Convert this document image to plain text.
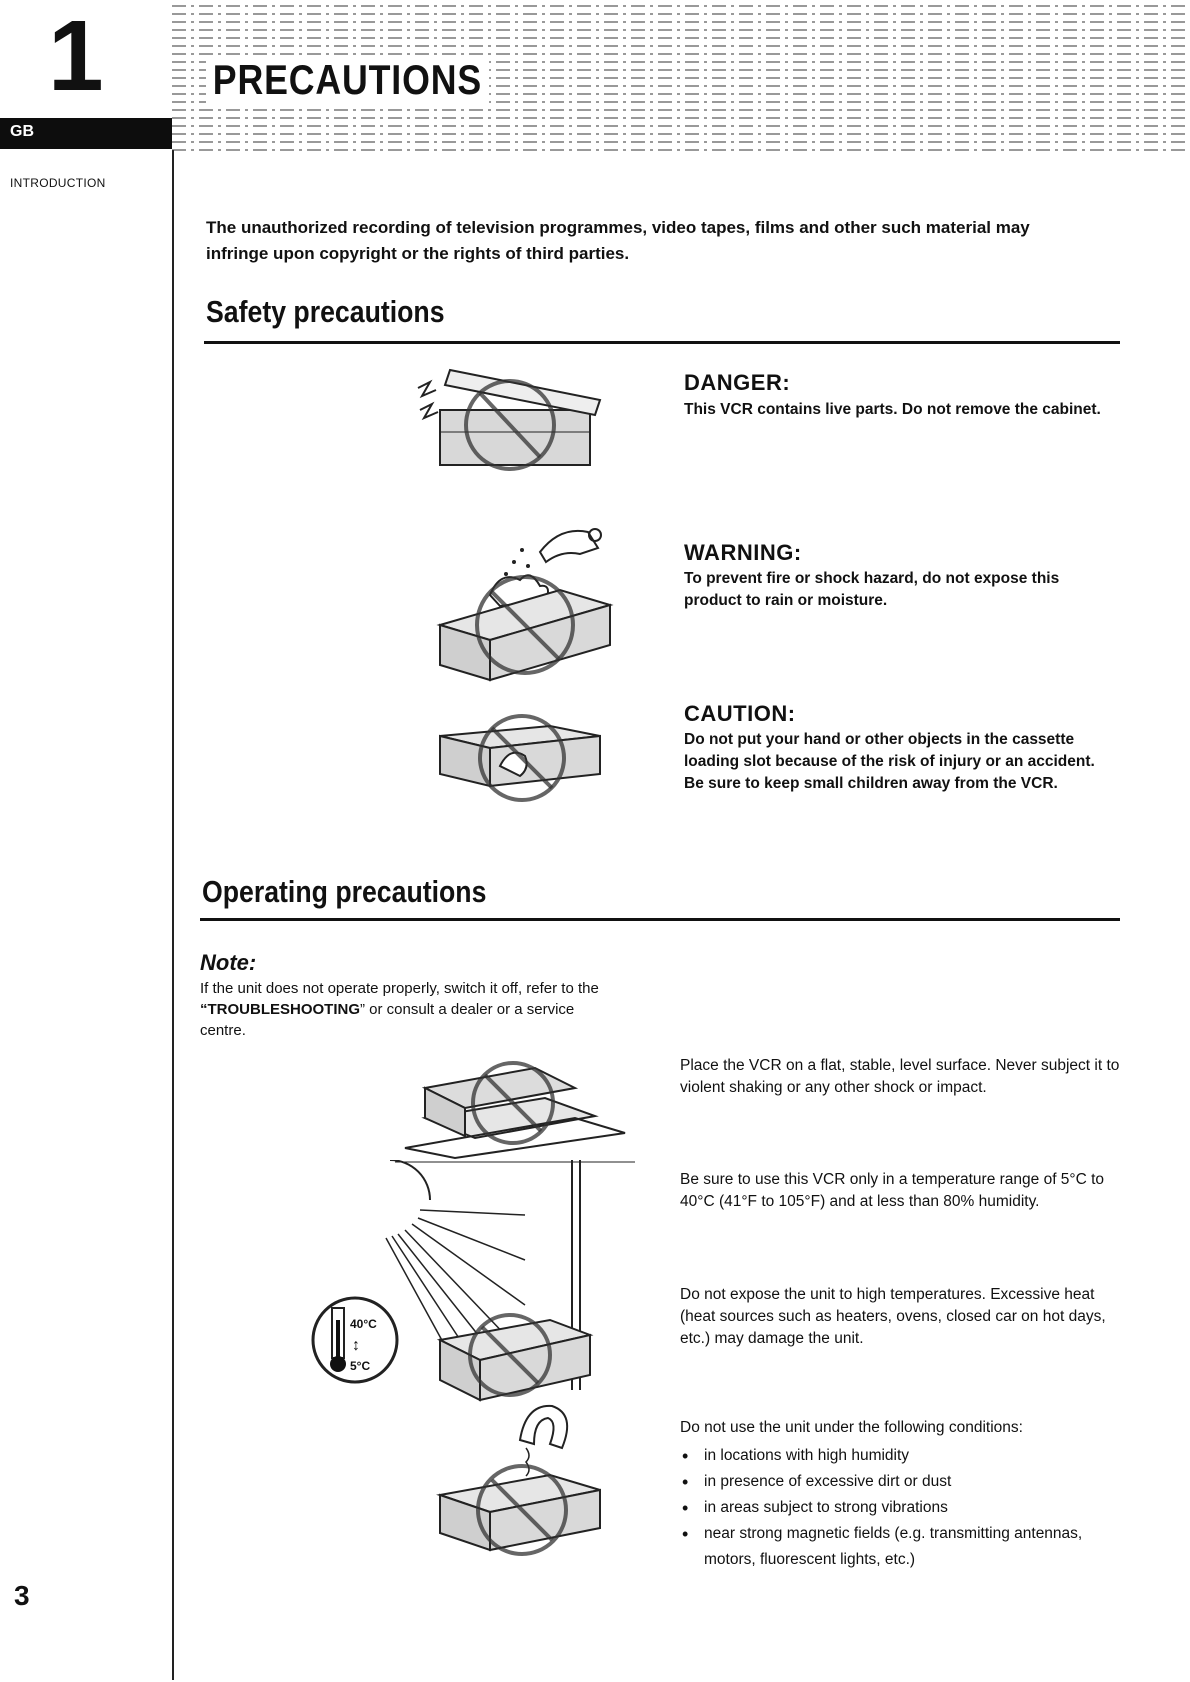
1
GB
INTRODUCTION
3
PRECAUTIONS
The unauthorized recording of television programmes, video tapes, films and other such material may infringe upon copyright or the rights of third parties.
Safety precautions
DANGER:
This VCR contains live parts. Do not remove the cabinet.
WARNING:
To prevent fire or shock hazard, do not expose this product to rain or moisture.
CAUTION:
Do not put your hand or other objects in the cassette loading slot because of the risk of injury or an accident. Be sure to keep small children away from the VCR.
Operating precautions
Note:
If the unit does not operate properly, switch it off, refer to the “TROUBLESHOOTING” or consult a dealer or a service centre.
Place the VCR on a flat, stable, level surface. Never subject it to violent shaking or any other shock or impact.
40°C
5°C
↕
Be sure to use this VCR only in a temperature range of 5°C to 40°C (41°F to 105°F) and at less than 80% humidity.
Do not expose the unit to high temperatures. Excessive heat (heat sources such as heaters, ovens, closed car on hot days, etc.) may damage the unit.
Do not use the unit under the following conditions:
• in locations with high humidity
• in presence of excessive dirt or dust
• in areas subject to strong vibrations
• near strong magnetic fields (e.g. transmitting antennas, motors, fluorescent lights, etc.)
